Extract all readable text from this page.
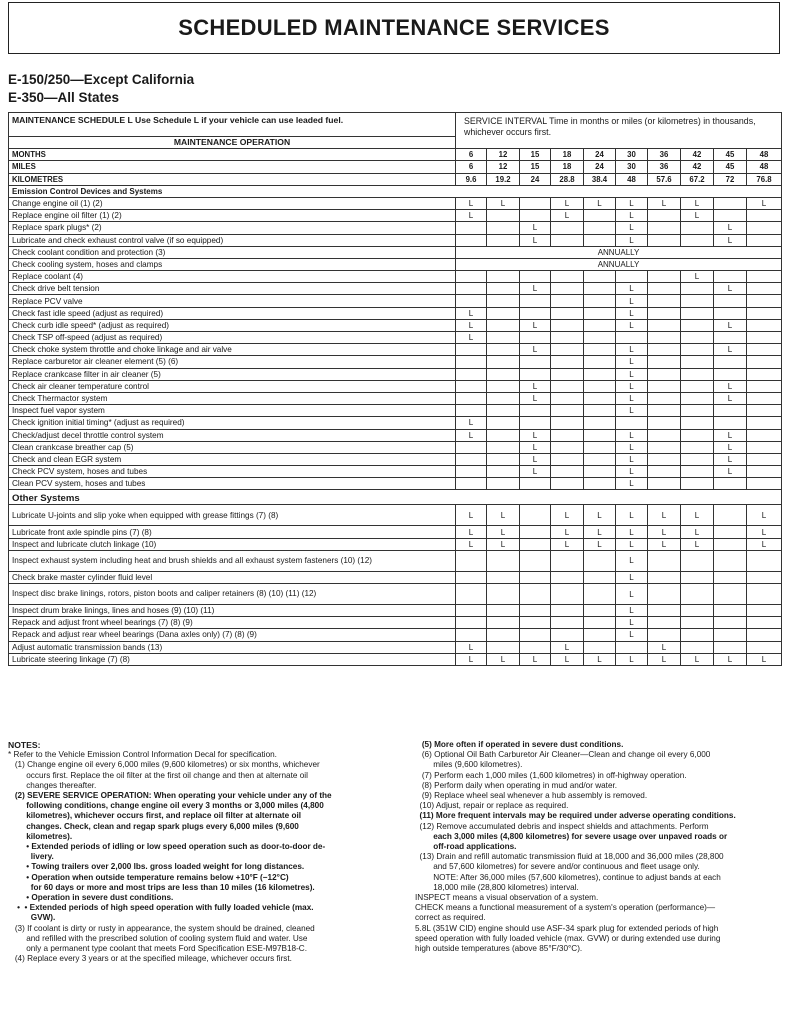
SCHEDULED MAINTENANCE SERVICES
E-150/250—Except California
E-350—All States
MAINTENANCE SCHEDULE L Use Schedule L if your vehicle can use leaded fuel.	SERVICE INTERVAL Time in months or miles (or kilometres) in thousands, whichever occurs first.									
MAINTENANCE OPERATION										
MONTHS	6	12	15	18	24	30	36	42	45	48
MILES	6	12	15	18	24	30	36	42	45	48
KILOMETRES	9.6	19.2	24	28.8	38.4	48	57.6	67.2	72	76.8
Emission Control Devices and Systems										
Change engine oil (1) (2)	L	L		L	L	L	L	L		L
Replace engine oil filter (1) (2)	L			L		L		L		
Replace spark plugs* (2)			L			L			L	
Lubricate and check exhaust control valve (if so equipped)			L			L			L	
Check coolant condition and protection (3)	ANNUALLY									
Check cooling system, hoses and clamps	ANNUALLY									
Replace coolant (4)								L		
Check drive belt tension			L			L			L	
Replace PCV valve						L				
Check fast idle speed (adjust as required)	L					L				
Check curb idle speed* (adjust as required)	L		L			L			L	
Check TSP off-speed (adjust as required)	L									
Check choke system throttle and choke linkage and air valve			L			L			L	
Replace carburetor air cleaner element (5) (6)						L				
Replace crankcase filter in air cleaner (5)						L				
Check air cleaner temperature control			L			L			L	
Check Thermactor system			L			L			L	
Inspect fuel vapor system						L				
Check ignition initial timing* (adjust as required)	L									
Check/adjust decel throttle control system	L		L			L			L	
Clean crankcase breather cap (5)			L			L			L	
Check and clean EGR system			L			L			L	
Check PCV system, hoses and tubes			L			L			L	
Clean PCV system, hoses and tubes						L				
Other Systems										
Lubricate U-joints and slip yoke when equipped with grease fittings (7) (8)	L	L		L	L	L	L	L		L
Lubricate front axle spindle pins (7) (8)	L	L		L	L	L	L	L		L
Inspect and lubricate clutch linkage (10)	L	L		L	L	L	L	L		L
Inspect exhaust system including heat and brush shields and all exhaust system fasteners (10) (12)						L				
Check brake master cylinder fluid level						L				
Inspect disc brake linings, rotors, piston boots and caliper retainers (8) (10) (11) (12)						L				
Inspect drum brake linings, lines and hoses (9) (10) (11)						L				
Repack and adjust front wheel bearings (7) (8) (9)						L				
Repack and adjust rear wheel bearings (Dana axles only) (7) (8) (9)						L				
Adjust automatic transmission bands (13)	L			L			L			
Lubricate steering linkage (7) (8)	L	L	L	L	L	L	L	L	L	L
NOTES:
* Refer to the Vehicle Emission Control Information Decal for specification.
(1) Change engine oil every 6,000 miles (9,600 kilometres) or six months, whichever
occurs first. Replace the oil filter at the first oil change and then at alternate oil
changes thereafter.
(2) SEVERE SERVICE OPERATION: When operating your vehicle under any of the
following conditions, change engine oil every 3 months or 3,000 miles (4,800
kilometres), whichever occurs first, and replace oil filter at alternate oil
changes. Check, clean and regap spark plugs every 6,000 miles (9,600
kilometres).
• Extended periods of idling or low speed operation such as door-to-door de-
livery.
• Towing trailers over 2,000 lbs. gross loaded weight for long distances.
• Operation when outside temperature remains below +10°F (−12°C)
for 60 days or more and most trips are less than 10 miles (16 kilometres).
• Operation in severe dust conditions.
•  • Extended periods of high speed operation with fully loaded vehicle (max.
GVW).
(3) If coolant is dirty or rusty in appearance, the system should be drained, cleaned
and refilled with the prescribed solution of cooling system fluid and water. Use
only a permanent type coolant that meets Ford Specification ESE-M97B18-C.
(4) Replace every 3 years or at the specified mileage, whichever occurs first.
(5) More often if operated in severe dust conditions.
(6) Optional Oil Bath Carburetor Air Cleaner—Clean and change oil every 6,000
miles (9,600 kilometres).
(7) Perform each 1,000 miles (1,600 kilometres) in off-highway operation.
(8) Perform daily when operating in mud and/or water.
(9) Replace wheel seal whenever a hub assembly is removed.
(10) Adjust, repair or replace as required.
(11) More frequent intervals may be required under adverse operating conditions.
(12) Remove accumulated debris and inspect shields and attachments. Perform
each 3,000 miles (4,800 kilometres) for severe usage over unpaved roads or
off-road applications.
(13) Drain and refill automatic transmission fluid at 18,000 and 36,000 miles (28,800
and 57,600 kilometres) for severe and/or continuous and fleet usage only.
NOTE: After 36,000 miles (57,600 kilometres), continue to adjust bands at each
18,000 mile (28,800 kilometres) interval.
INSPECT means a visual observation of a system.
CHECK means a functional measurement of a system's operation (performance)—
correct as required.
5.8L (351W CID) engine should use ASF-34 spark plug for extended periods of high
speed operation with fully loaded vehicle (max. GVW) or during extended use during
high outside temperatures (above 85°F/30°C).
